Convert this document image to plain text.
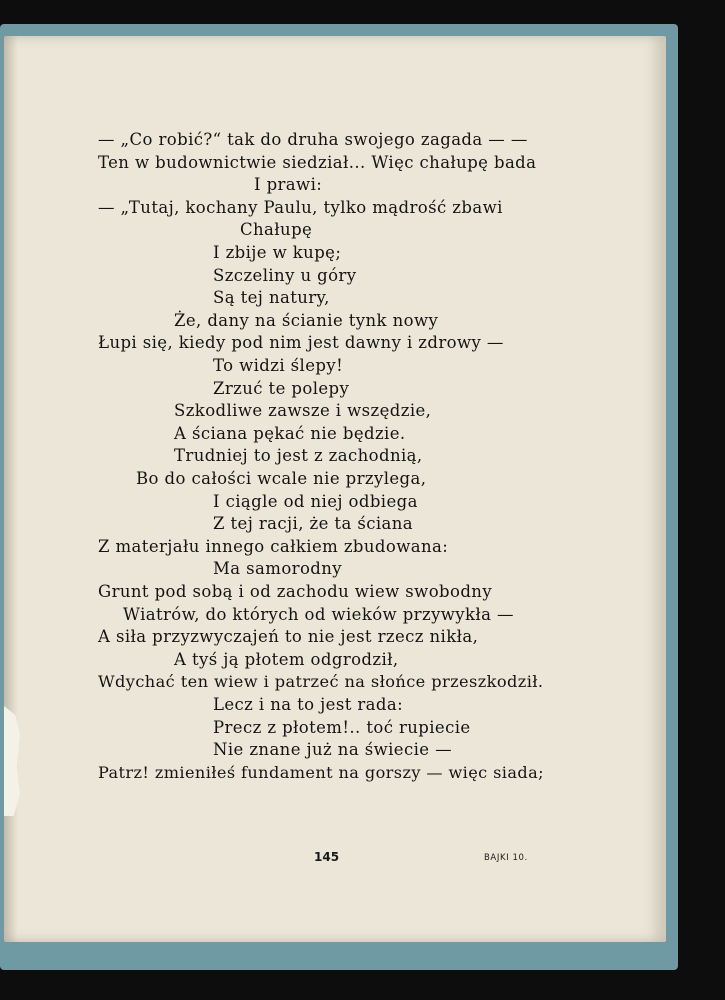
— „Co robić?“ tak do druha swojego zagada — —
Ten w budownictwie siedział... Więc chałupę bada
I prawi:
— „Tutaj, kochany Paulu, tylko mądrość zbawi
Chałupę
I zbije w kupę;
Szczeliny u góry
Są tej natury,
Że, dany na ścianie tynk nowy
Łupi się, kiedy pod nim jest dawny i zdrowy —
To widzi ślepy!
Zrzuć te polepy
Szkodliwe zawsze i wszędzie,
A ściana pękać nie będzie.
Trudniej to jest z zachodnią,
Bo do całości wcale nie przylega,
I ciągle od niej odbiega
Z tej racji, że ta ściana
Z materjału innego całkiem zbudowana:
Ma samorodny
Grunt pod sobą i od zachodu wiew swobodny
Wiatrów, do których od wieków przywykła —
A siła przyzwyczajeń to nie jest rzecz nikła,
A tyś ją płotem odgrodził,
Wdychać ten wiew i patrzeć na słońce przeszkodził.
Lecz i na to jest rada:
Precz z płotem!.. toć rupiecie
Nie znane już na świecie —
Patrz! zmieniłeś fundament na gorszy — więc siada;
145	BAJKI 10.
